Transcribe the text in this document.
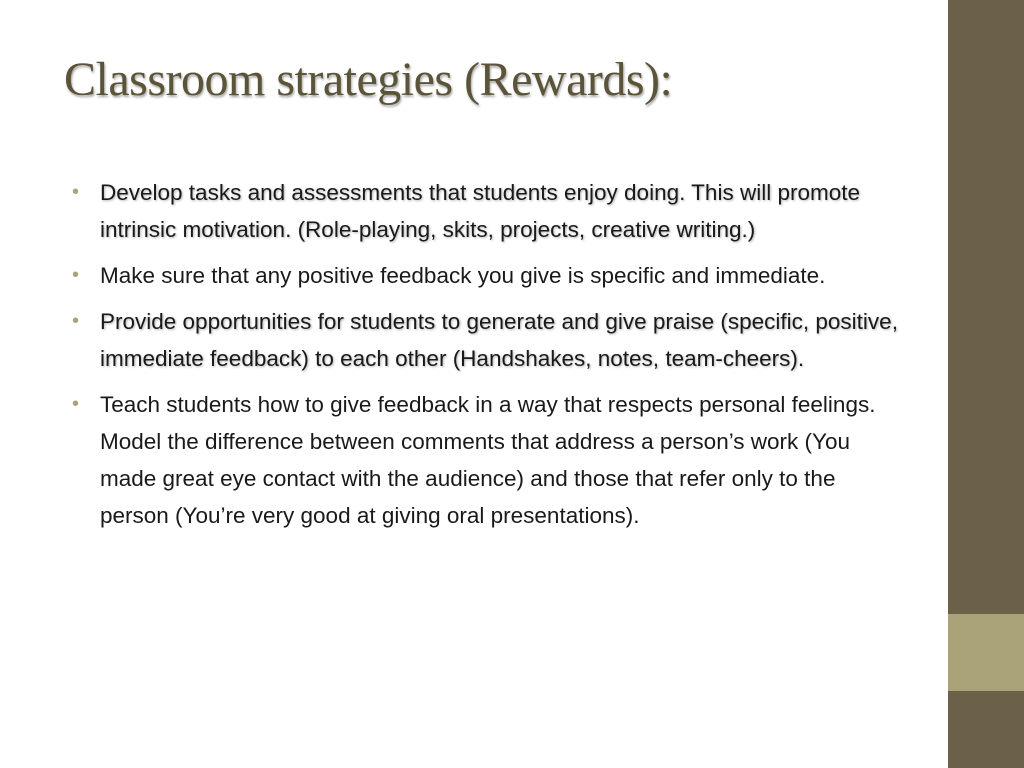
Classroom strategies (Rewards):
• Develop tasks and assessments that students enjoy doing. This will promote intrinsic motivation. (Role-playing, skits, projects, creative writing.)
• Make sure that any positive feedback you give is specific and immediate.
• Provide opportunities for students to generate and give praise (specific, positive, immediate feedback) to each other (Handshakes, notes, team-cheers).
• Teach students how to give feedback in a way that respects personal feelings. Model the difference between comments that address a person’s work (You made great eye contact with the audience) and those that refer only to the person (You’re very good at giving oral presentations).
